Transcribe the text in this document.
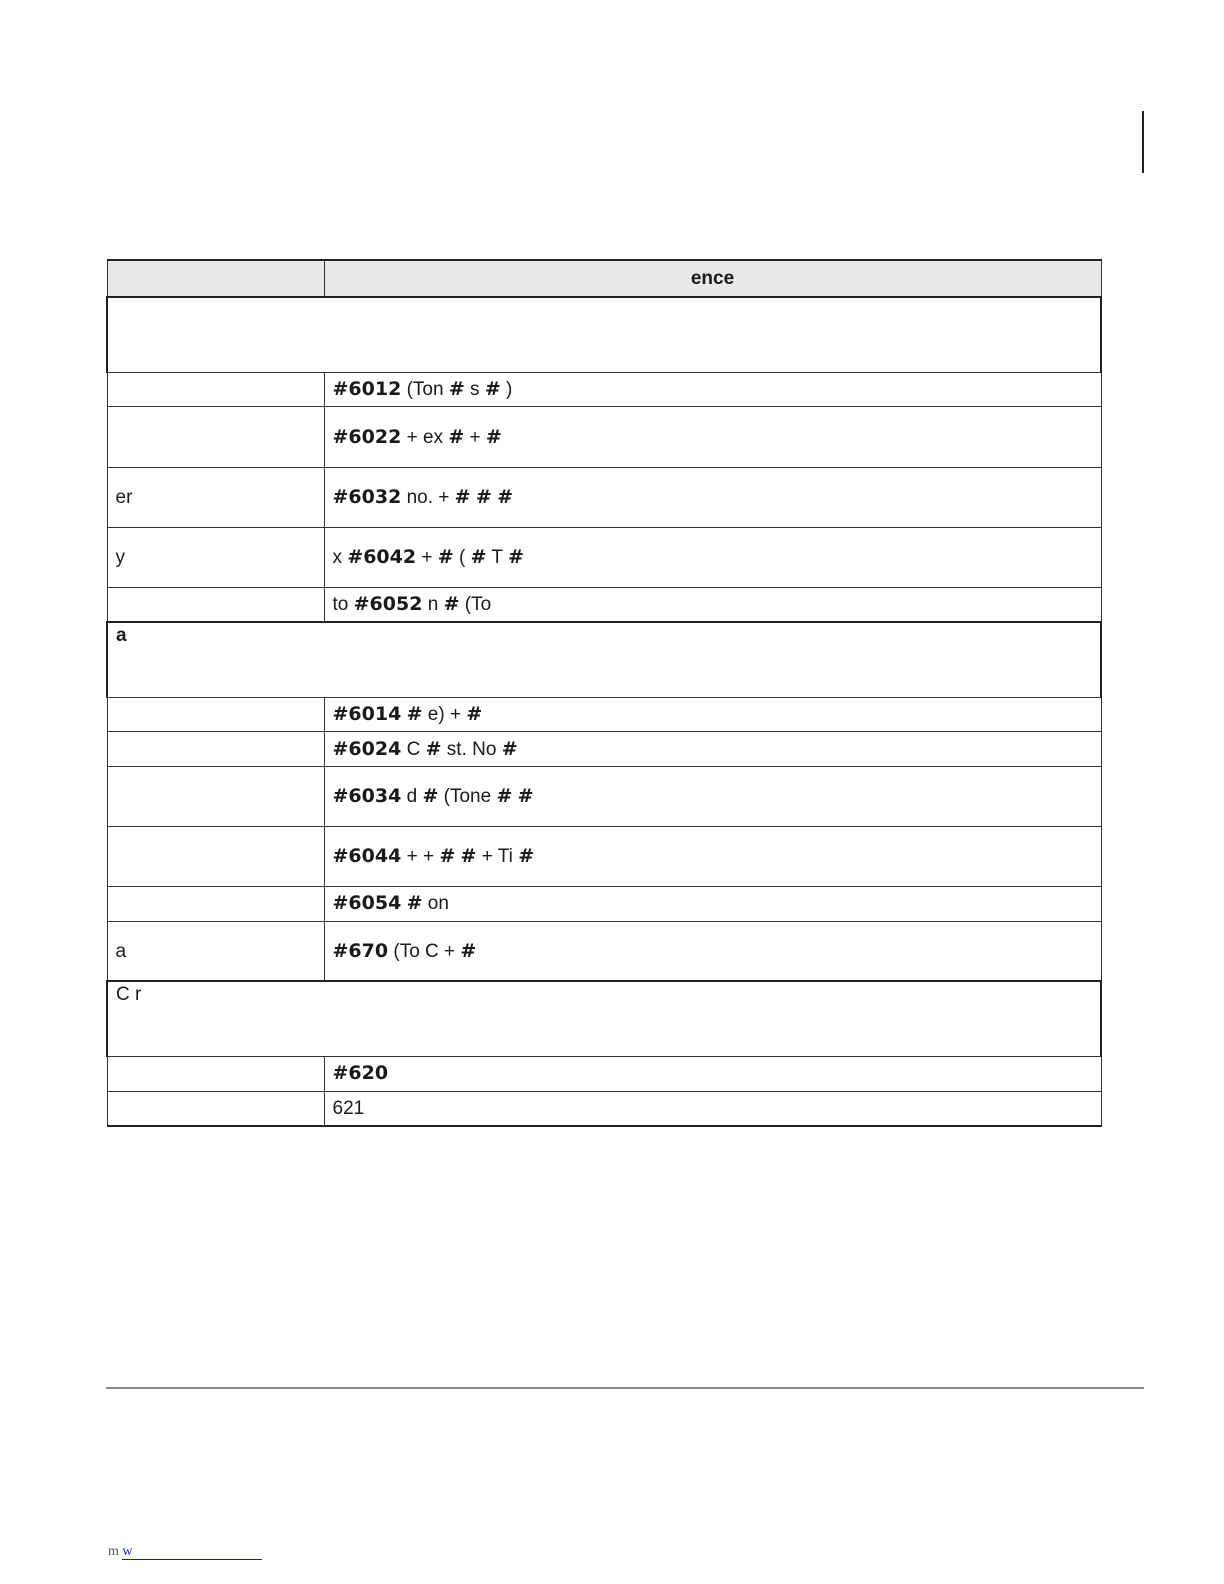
	ence

	#6012 (Ton # s # )
	#6022 + ex # + #
er	#6032 no. + # # #
y	x #6042 + # ( # T #
	to #6052 n # (To
a	
	#6014 # e) + #
	#6024 C # st. No #
	#6034 d # (Tone # #
	#6044 + + # # + Ti #
	#6054 # on
a	#670 (To C + #
C r	
	#620
	621
m w
